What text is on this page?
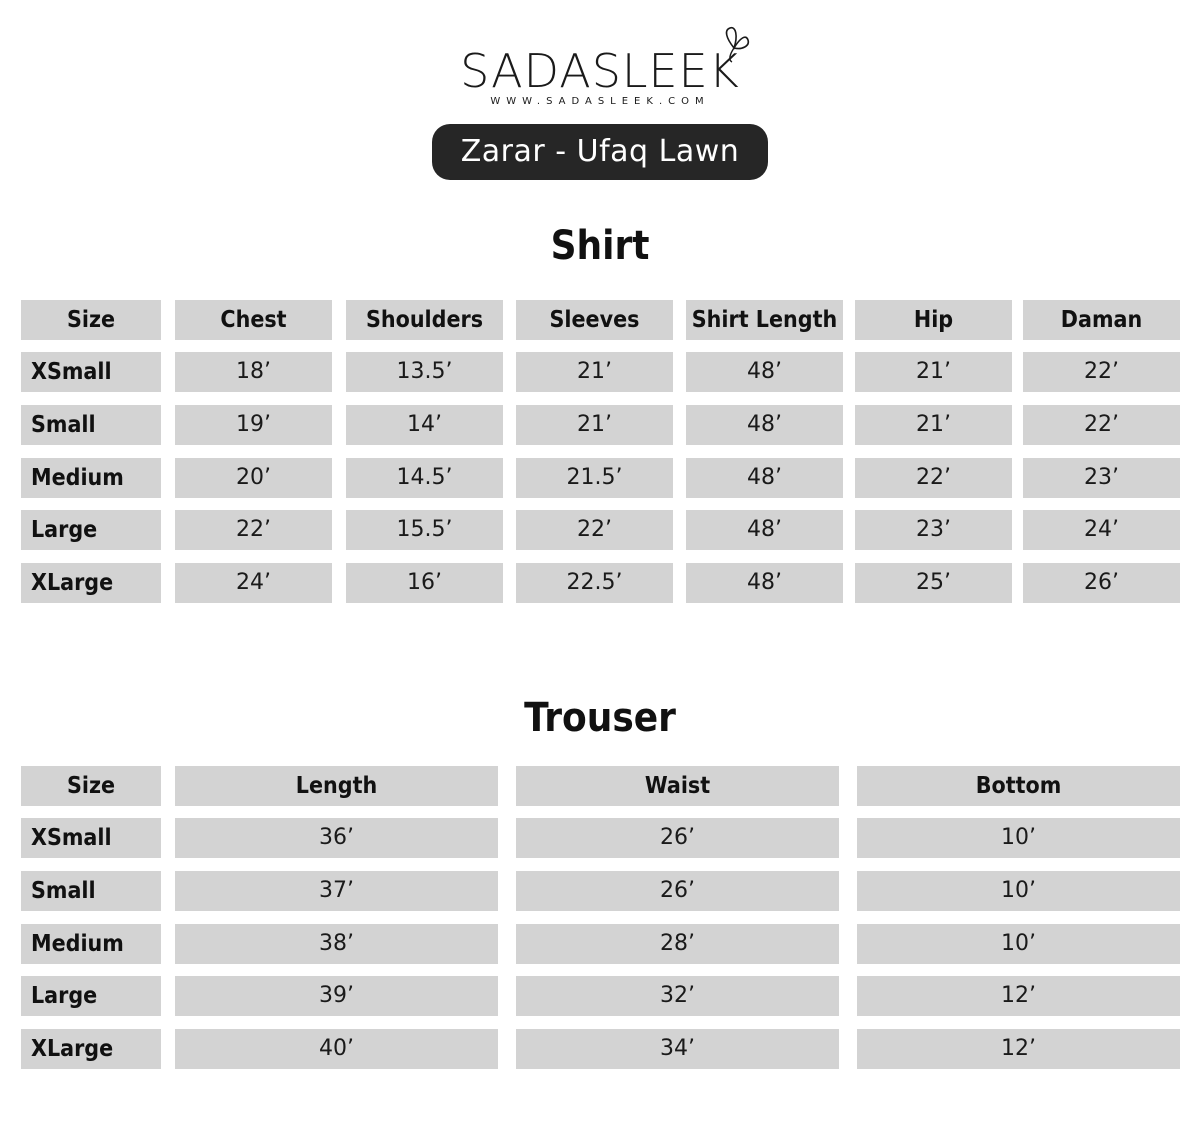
SADASLEEK
WWW.SADASLEEK.COM
Zarar - Ufaq Lawn 26’
Shirt
Size	Chest	Shoulders	Sleeves	Shirt Length	Hip	Daman
XSmall	18’	13.5’	21’	48’	21’	22’
Small	19’	14’	21’	48’	21’	22’
Medium	20’	14.5’	21.5’	48’	22’	23’
Large	22’	15.5’	22’	48’	23’	24’
XLarge	24’	16’	22.5’	48’	25’	26’
Trouser
Size	Length	Waist	Bottom
XSmall	36’	26’	10’
Small	37’	26’	10’
Medium	38’	28’	10’
Large	39’	32’	12’
XLarge	40’	34’	12’
